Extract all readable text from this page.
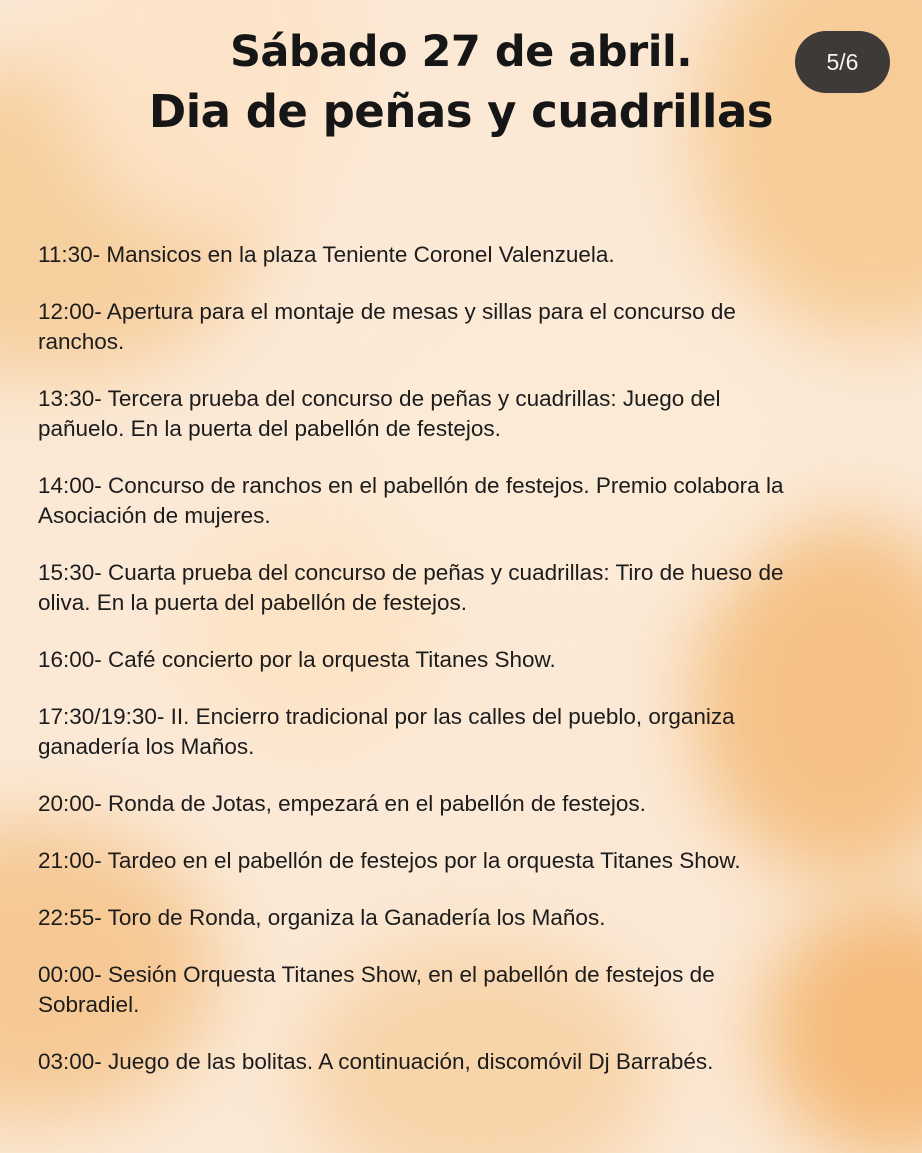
Sábado 27 de abril.
Dia de peñas y cuadrillas
5/6
11:30- Mansicos en la plaza Teniente Coronel Valenzuela.
12:00- Apertura para el montaje de mesas y sillas para el concurso de
ranchos.
13:30- Tercera prueba del concurso de peñas y cuadrillas: Juego del
pañuelo. En la puerta del pabellón de festejos.
14:00- Concurso de ranchos en el pabellón de festejos. Premio colabora la
Asociación de mujeres.
15:30- Cuarta prueba del concurso de peñas y cuadrillas: Tiro de hueso de
oliva. En la puerta del pabellón de festejos.
16:00- Café concierto por la orquesta Titanes Show.
17:30/19:30- II. Encierro tradicional por las calles del pueblo, organiza
ganadería los Maños.
20:00- Ronda de Jotas, empezará en el pabellón de festejos.
21:00- Tardeo en el pabellón de festejos por la orquesta Titanes Show.
22:55- Toro de Ronda, organiza la Ganadería los Maños.
00:00- Sesión Orquesta Titanes Show, en el pabellón de festejos de
Sobradiel.
03:00- Juego de las bolitas. A continuación, discomóvil Dj Barrabés.
